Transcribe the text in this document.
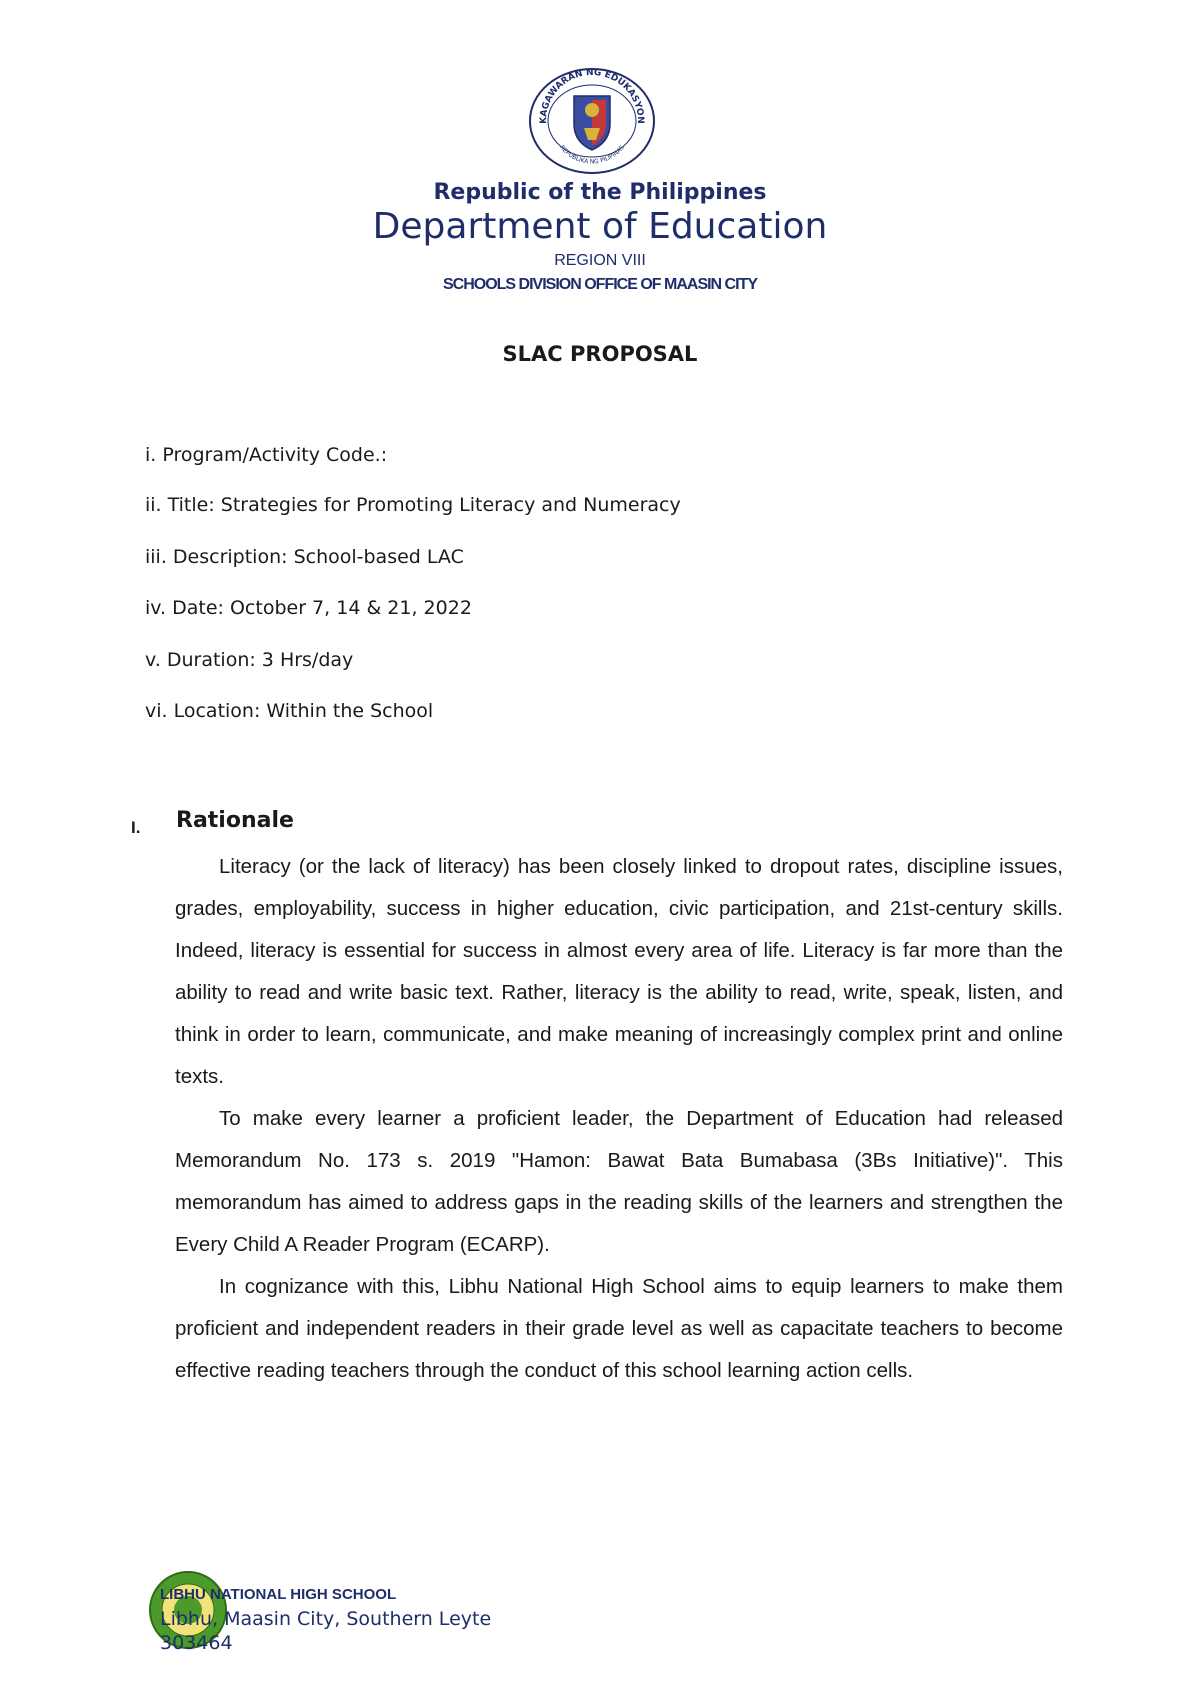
KAGAWARAN NG EDUKASYON
REPUBLIKA NG PILIPINAS
Republic of the Philippines
Department of Education
REGION VIII
SCHOOLS DIVISION OFFICE OF MAASIN CITY
SLAC PROPOSAL
i. Program/Activity Code.:
ii. Title: Strategies for Promoting Literacy and Numeracy
iii. Description: School-based LAC
iv. Date: October 7, 14 & 21, 2022
v. Duration: 3 Hrs/day
vi. Location: Within the School
I. Rationale

Literacy (or the lack of literacy) has been closely linked to dropout rates, discipline issues, grades, employability, success in higher education, civic participation, and 21st-century skills. Indeed, literacy is essential for success in almost every area of life. Literacy is far more than the ability to read and write basic text. Rather, literacy is the ability to read, write, speak, listen, and think in order to learn, communicate, and make meaning of increasingly complex print and online texts.

To make every learner a proficient leader, the Department of Education had released Memorandum No. 173 s. 2019 "Hamon: Bawat Bata Bumabasa (3Bs Initiative)". This memorandum has aimed to address gaps in the reading skills of the learners and strengthen the Every Child A Reader Program (ECARP).

In cognizance with this, Libhu National High School aims to equip learners to make them proficient and independent readers in their grade level as well as capacitate teachers to become effective reading teachers through the conduct of this school learning action cells.

LIBHU NATIONAL HIGH SCHOOL
Libhu, Maasin City, Southern Leyte
303464
